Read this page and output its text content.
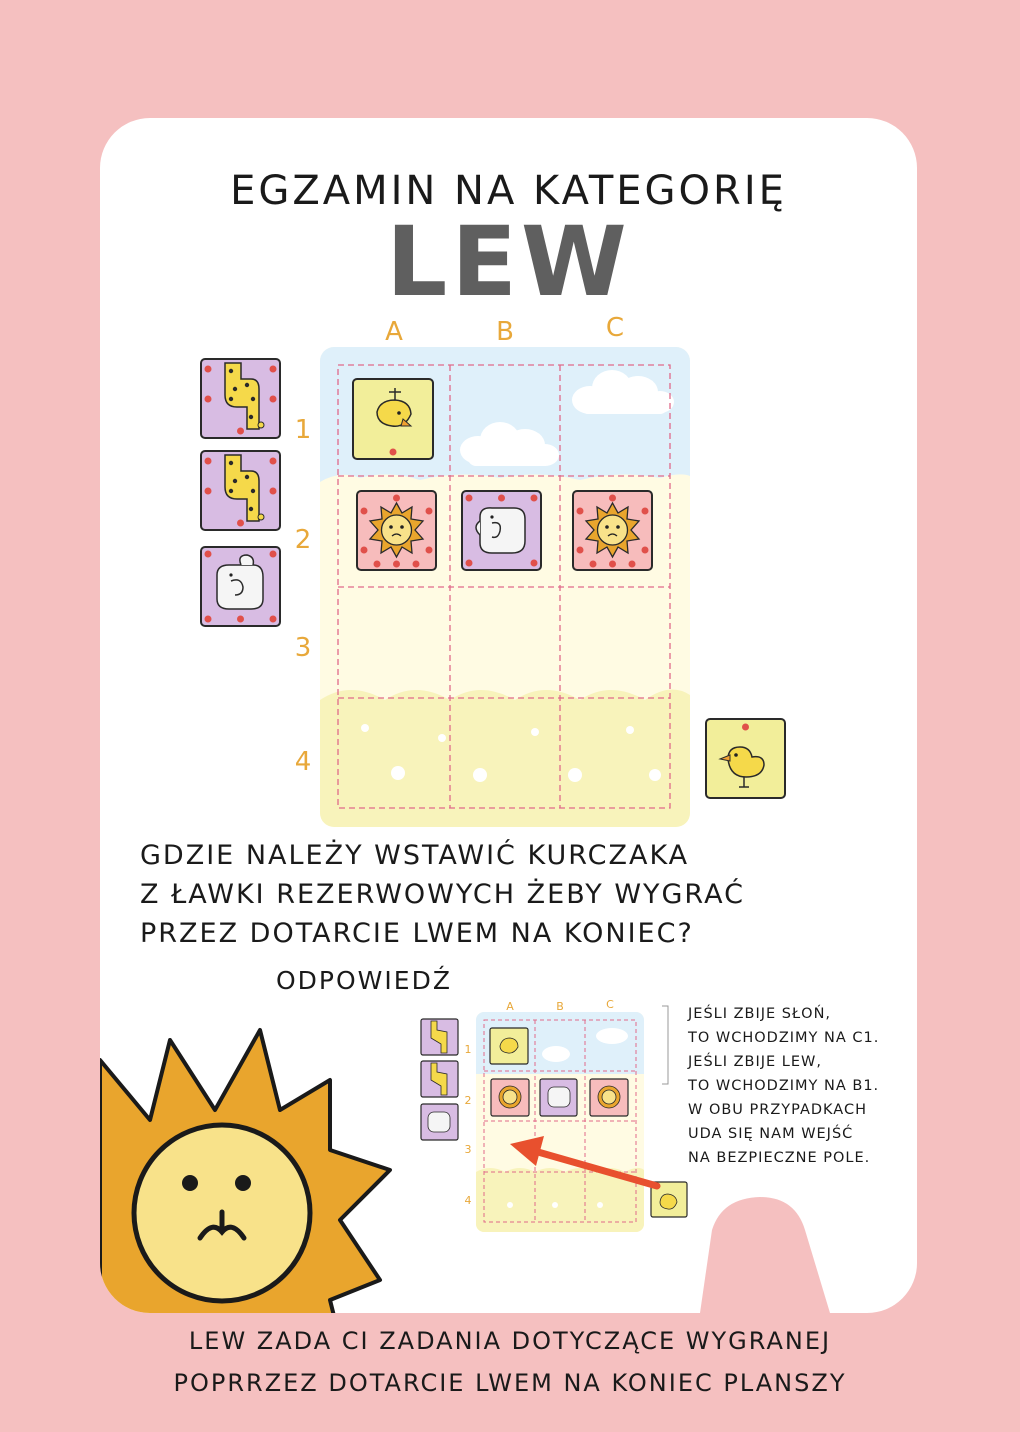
EGZAMIN NA KATEGORIĘ
LEW
GDZIE NALEŻY WSTAWIĆ KURCZAKA
Z ŁAWKI REZERWOWYCH ŻEBY WYGRAĆ
PRZEZ DOTARCIE LWEM NA KONIEC?
ODPOWIEDŹ
JEŚLI ZBIJE SŁOŃ,
TO WCHODZIMY NA C1.
JEŚLI ZBIJE LEW,
TO WCHODZIMY NA B1.
W OBU PRZYPADKACH
UDA SIĘ NAM WEJŚĆ
NA BEZPIECZNE POLE.
A	B	C
1
2
3
4
A	B	C
1
2
3
4
LEW ZADA CI ZADANIA DOTYCZĄCE WYGRANEJ
POPRRZEZ DOTARCIE LWEM NA KONIEC PLANSZY
